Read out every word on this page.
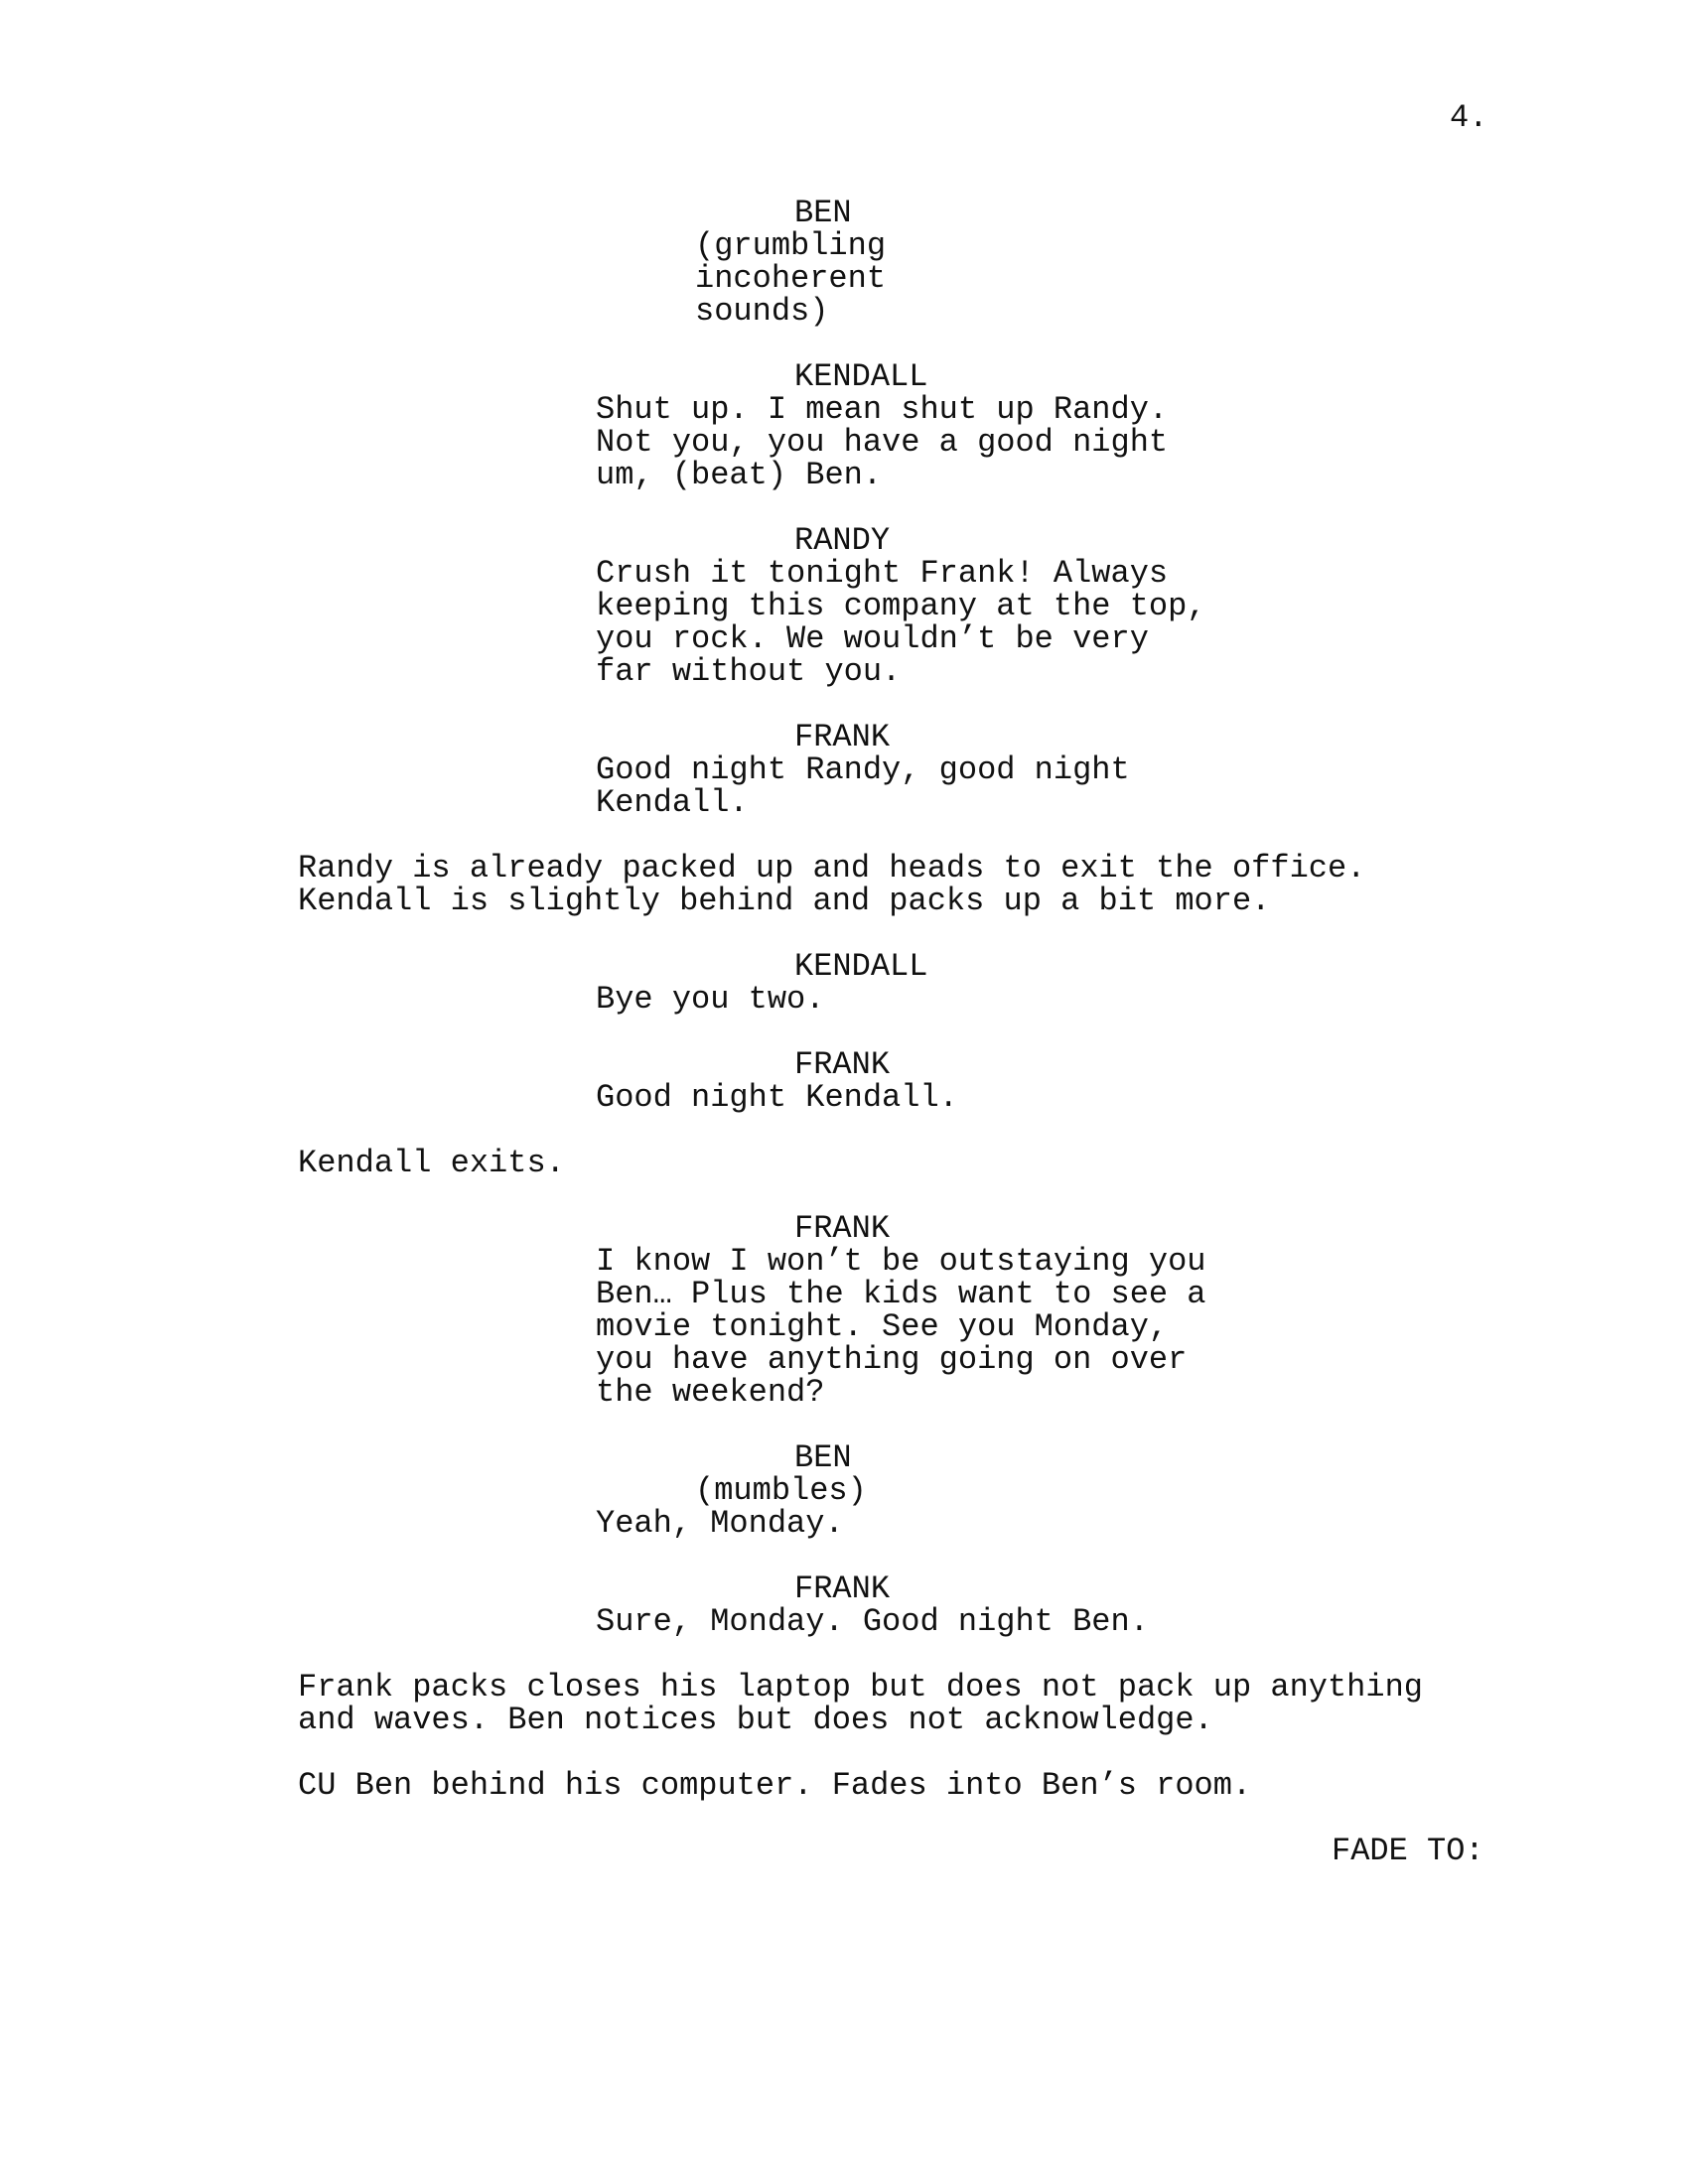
4.
BEN
(grumbling
incoherent
sounds)
KENDALL
Shut up. I mean shut up Randy.
Not you, you have a good night
um, (beat) Ben.
RANDY
Crush it tonight Frank! Always
keeping this company at the top,
you rock. We wouldn’t be very
far without you.
FRANK
Good night Randy, good night
Kendall.
Randy is already packed up and heads to exit the office.
Kendall is slightly behind and packs up a bit more.
KENDALL
Bye you two.
FRANK
Good night Kendall.
Kendall exits.
FRANK
I know I won’t be outstaying you
Ben… Plus the kids want to see a
movie tonight. See you Monday,
you have anything going on over
the weekend?
BEN
(mumbles)
Yeah, Monday.
FRANK
Sure, Monday. Good night Ben.
Frank packs closes his laptop but does not pack up anything
and waves. Ben notices but does not acknowledge.
CU Ben behind his computer. Fades into Ben’s room.
FADE TO:
